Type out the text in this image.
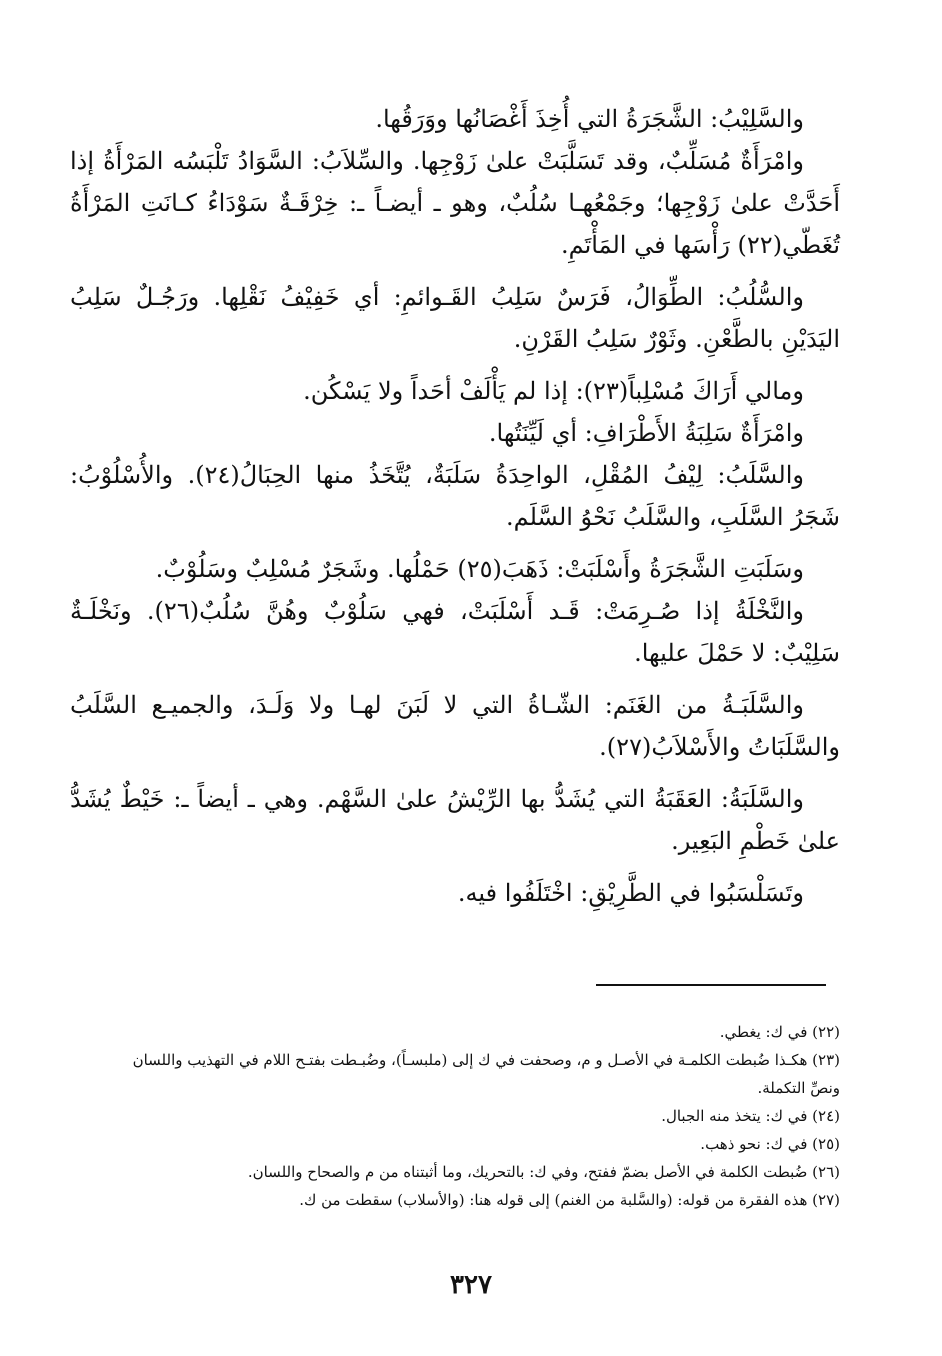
والسَّلِيْبُ: الشَّجَرَةُ التي أُخِذَ أَغْصَانُها ووَرَقُها.

وامْرَأَةٌ مُسَلِّبٌ، وقد تَسَلَّبَتْ علىٰ زَوْجِها. والسِّلاَبُ: السَّوَادُ تَلْبَسُه المَرْأَةُ إذا أَحَدَّتْ علىٰ زَوْجِها؛ وجَمْعُهـا سُلُبٌ، وهو ـ أيضـاً ـ: خِرْقَـةٌ سَوْدَاءُ كـانَتِ المَرْأَةُ تُغَطّي(٢٢) رَأْسَها في المَأْتَمِ.

والسُّلُبُ: الطِّوَالُ، فَرَسٌ سَلِبُ القَـوائمِ: أي خَفِيْفُ نَقْلِها. ورَجُـلٌ سَلِبُ اليَدَيْنِ بالطَّعْنِ. وثَوْرٌ سَلِبُ القَرْنِ.

ومالي أَرَاكَ مُسْلِباً(٢٣): إذا لم يَأْلَفْ أحَداً ولا يَسْكُن.

وامْرَأَةٌ سَلِبَةُ الأَطْرَافِ: أي لَيِّنَتُها.

والسَّلَبُ: لِيْفُ المُقْلِ، الواحِدَةُ سَلَبَةٌ، يُتَّخَذُ منها الحِبَالُ(٢٤). والأُسْلُوْبُ: شَجَرُ السَّلَبِ، والسَّلَبُ نَحْوُ السَّلَم.

وسَلَبَتِ الشَّجَرَةُ وأَسْلَبَتْ: ذَهَبَ(٢٥) حَمْلُها. وشَجَرٌ مُسْلِبٌ وسَلُوْبٌ.

والنَّخْلَةُ إذا صُـرِمَتْ: قَـد أَسْلَبَتْ، فهي سَلُوْبٌ وهُنَّ سُلُبٌ(٢٦). ونَخْلَـةٌ سَلِيْبٌ: لا حَمْلَ عليها.

والسَّلَبَـةُ من الغَنَم: الشّـاةُ التي لا لَبَنَ لهـا ولا وَلَـدَ، والجميـع السَّلَبُ والسَّلَبَاتُ والأَسْلاَبُ(٢٧).

والسَّلَبَةُ: العَقَبَةُ التي يُشَدُّ بها الرِّيْشُ علىٰ السَّهْم. وهي ـ أيضاً ـ: خَيْطٌ يُشَدُّ علىٰ خَطْمِ البَعِير.

وتَسَلْسَبُوا في الطَّرِيْقِ: اخْتَلَفُوا فيه.

(٢٢) في ك: يغطي.

(٢٣) هكـذا ضُبطت الكلمـة في الأصـل و م، وصحفت في ك إلى (ملبسـاً)، وضُبـطت بفتـح اللام في التهذيب واللسان ونصِّ التكملة.

(٢٤) في ك: يتخذ منه الجبال.

(٢٥) في ك: نحو ذهب.

(٢٦) ضُبطت الكلمة في الأصل بضمّ ففتح، وفي ك: بالتحريك، وما أثبتناه من م والصحاح واللسان.

(٢٧) هذه الفقرة من قوله: (والسَّلبة من الغنم) إلى قوله هنا: (والأسلاب) سقطت من ك.

٣٢٧
